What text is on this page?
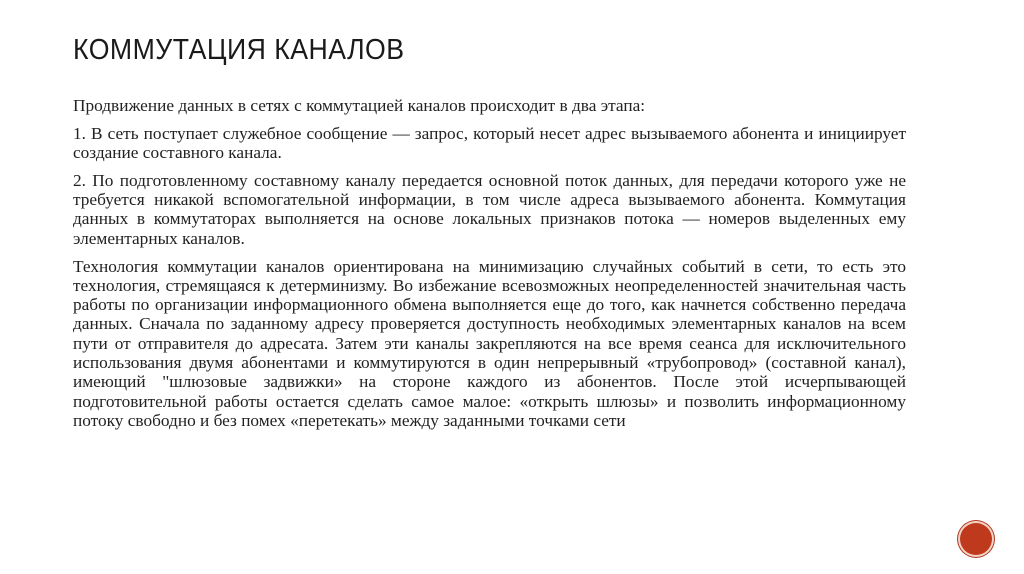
КОММУТАЦИЯ КАНАЛОВ

Продвижение данных в сетях с коммутацией каналов происходит в два этапа:

1. В сеть поступает служебное сообщение — запрос, который несет адрес вызываемого абонента и инициирует создание составного канала.

2. По подготовленному составному каналу передается основной поток данных, для передачи которого уже не требуется никакой вспомогательной информации, в том числе адреса вызываемого абонента. Коммутация данных в коммутаторах выполняется на основе локальных признаков потока — номеров выделенных ему элементарных каналов.

Технология коммутации каналов ориентирована на минимизацию случайных событий в сети, то есть это технология, стремящаяся к детерминизму. Во избежание всевозможных неопределенностей значительная часть работы по организации информационного обмена выполняется еще до того, как начнется собственно передача данных. Сначала по заданному адресу проверяется доступность необходимых элементарных каналов на всем пути от отправителя до адресата. Затем эти каналы закрепляются на все время сеанса для исключительного использования двумя абонентами и коммутируются в один непрерывный «трубопровод» (составной канал), имеющий "шлюзовые задвижки» на стороне каждого из абонентов. После этой исчерпывающей подготовительной работы остается сделать самое малое: «открыть шлюзы» и позволить информационному потоку свободно и без помех «перетекать» между заданными точками сети
